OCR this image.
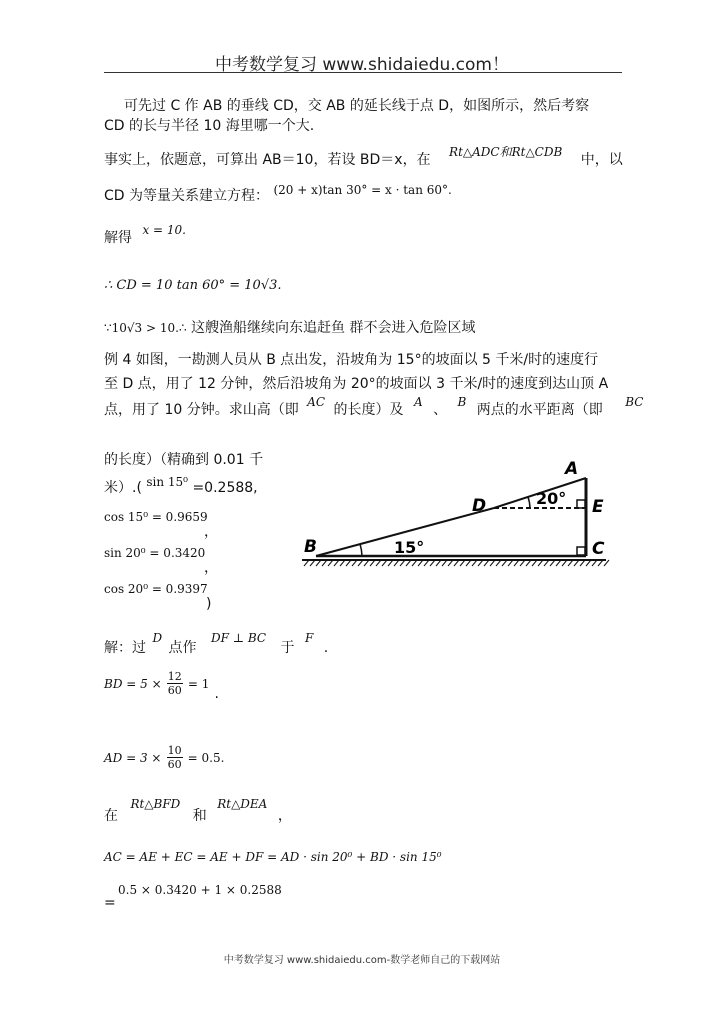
中考数学复习 www.shidaiedu.com！
可先过 C 作 AB 的垂线 CD，交 AB 的延长线于点 D，如图所示，然后考察
CD 的长与半径 10 海里哪一个大.
事实上，依题意，可算出 AB＝10，若设 BD＝x，在 Rt△ADC和Rt△CDB 中，以
CD 为等量关系建立方程： (20 + x)tan 30° = x · tan 60°.
解得 x = 10.
∴ CD = 10 tan 60° = 10√3.
∵10√3 > 10.∴ 这艘渔船继续向东追赶鱼 群不会进入危险区域
例 4 如图，一勘测人员从 B 点出发，沿坡角为 15°的坡面以 5 千米/时的速度行
至 D 点，用了 12 分钟，然后沿坡角为 20°的坡面以 3 千米/时的速度到达山顶 A
点，用了 10 分钟。求山高（即 AC 的长度）及 A 、 B 两点的水平距离（即 BC
的长度）（精确到 0.01 千
米）.( sin 15⁰ =0.2588,
cos 15⁰ = 0.9659
，
sin 20⁰ = 0.3420
，
cos 20⁰ = 0.9397
)
B
A
C
D	E
15°
20°
解：过 D 点作 DF ⊥ BC 于 F .
BD = $5 \times \frac{12}{60} = 1$ .
AD = $3 \times \frac{10}{60} = 0.5$.
在 Rt△BFD 和 Rt△DEA ，
AC = AE + EC = AE + DF = AD · sin 20⁰ + BD · sin 15⁰
=
0.5 × 0.3420 + 1 × 0.2588
中考数学复习 www.shidaiedu.com-数学老师自己的下载网站
